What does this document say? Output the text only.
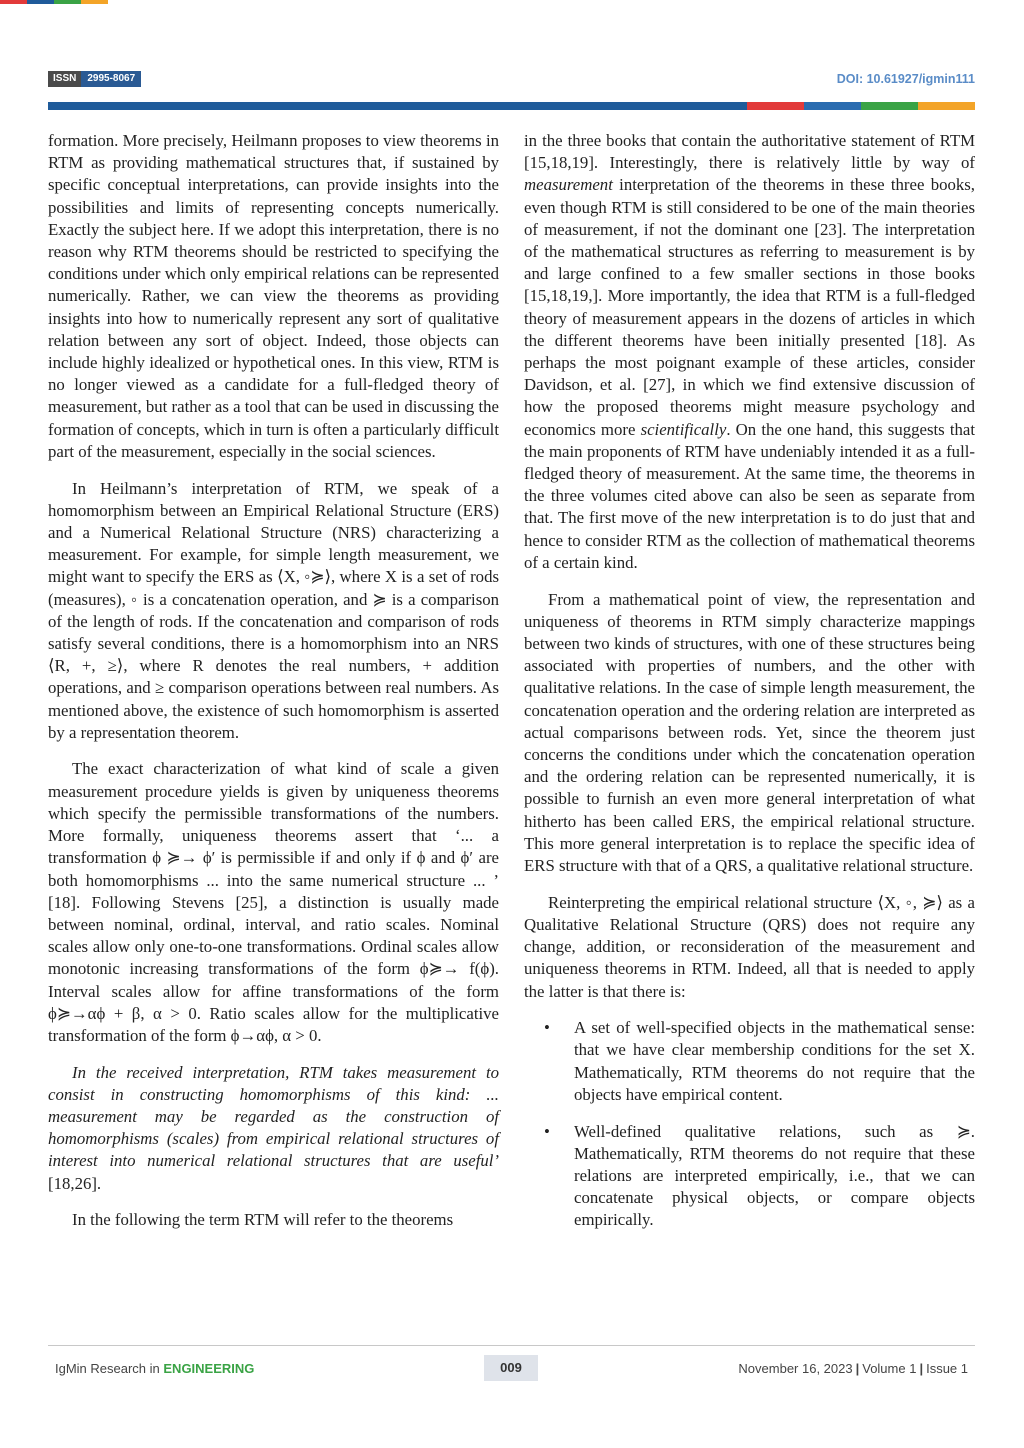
ISSN	2995-8067	DOI: 10.61927/igmin111

formation. More precisely, Heilmann proposes to view theorems in RTM as providing mathematical structures that, if sustained by specific conceptual interpretations, can provide insights into the possibilities and limits of representing concepts numerically. Exactly the subject here. If we adopt this interpretation, there is no reason why RTM theorems should be restricted to specifying the conditions under which only empirical relations can be represented numerically. Rather, we can view the theorems as providing insights into how to numerically represent any sort of qualitative relation between any sort of object. Indeed, those objects can include highly idealized or hypothetical ones. In this view, RTM is no longer viewed as a candidate for a full-fledged theory of measurement, but rather as a tool that can be used in discussing the formation of concepts, which in turn is often a particularly difficult part of the measurement, especially in the social sciences.

In Heilmann’s interpretation of RTM, we speak of a homomorphism between an Empirical Relational Structure (ERS) and a Numerical Relational Structure (NRS) characterizing a measurement. For example, for simple length measurement, we might want to specify the ERS as ⟨X, ◦≽⟩, where X is a set of rods (measures), ◦ is a concatenation operation, and ≽ is a comparison of the length of rods. If the concatenation and comparison of rods satisfy several conditions, there is a homomorphism into an NRS ⟨R, +, ≥⟩, where R denotes the real numbers, + addition operations, and ≥ comparison operations between real numbers. As mentioned above, the existence of such homomorphism is asserted by a representation theorem.

The exact characterization of what kind of scale a given measurement procedure yields is given by uniqueness theorems which specify the permissible transformations of the numbers. More formally, uniqueness theorems assert that ‘... a transformation ϕ ≽→ ϕ′ is permissible if and only if ϕ and ϕ′ are both homomorphisms ... into the same numerical structure ... ’ [18]. Following Stevens [25], a distinction is usually made between nominal, ordinal, interval, and ratio scales. Nominal scales allow only one-to-one transformations. Ordinal scales allow monotonic increasing transformations of the form ϕ≽→ f(ϕ). Interval scales allow for affine transformations of the form ϕ≽→αϕ + β, α > 0. Ratio scales allow for the multiplicative transformation of the form ϕ→αϕ, α > 0.

In the received interpretation, RTM takes measurement to consist in constructing homomorphisms of this kind: ... measurement may be regarded as the construction of homomorphisms (scales) from empirical relational structures of interest into numerical relational structures that are useful’ [18,26].

In the following the term RTM will refer to the theorems

in the three books that contain the authoritative statement of RTM [15,18,19]. Interestingly, there is relatively little by way of measurement interpretation of the theorems in these three books, even though RTM is still considered to be one of the main theories of measurement, if not the dominant one [23]. The interpretation of the mathematical structures as referring to measurement is by and large confined to a few smaller sections in those books [15,18,19,]. More importantly, the idea that RTM is a full-fledged theory of measurement appears in the dozens of articles in which the different theorems have been initially presented [18]. As perhaps the most poignant example of these articles, consider Davidson, et al. [27], in which we find extensive discussion of how the proposed theorems might measure psychology and economics more scientifically. On the one hand, this suggests that the main proponents of RTM have undeniably intended it as a full-fledged theory of measurement. At the same time, the theorems in the three volumes cited above can also be seen as separate from that. The first move of the new interpretation is to do just that and hence to consider RTM as the collection of mathematical theorems of a certain kind.

From a mathematical point of view, the representation and uniqueness of theorems in RTM simply characterize mappings between two kinds of structures, with one of these structures being associated with properties of numbers, and the other with qualitative relations. In the case of simple length measurement, the concatenation operation and the ordering relation are interpreted as actual comparisons between rods. Yet, since the theorem just concerns the conditions under which the concatenation operation and the ordering relation can be represented numerically, it is possible to furnish an even more general interpretation of what hitherto has been called ERS, the empirical relational structure. This more general interpretation is to replace the specific idea of ERS structure with that of a QRS, a qualitative relational structure.

Reinterpreting the empirical relational structure ⟨X, ◦, ≽⟩ as a Qualitative Relational Structure (QRS) does not require any change, addition, or reconsideration of the measurement and uniqueness theorems in RTM. Indeed, all that is needed to apply the latter is that there is:

• A set of well-specified objects in the mathematical sense: that we have clear membership conditions for the set X. Mathematically, RTM theorems do not require that the objects have empirical content.
• Well-defined qualitative relations, such as ≽. Mathematically, RTM theorems do not require that these relations are interpreted empirically, i.e., that we can concatenate physical objects, or compare objects empirically.
IgMin Research in ENGINEERING	009	November 16, 2023 | Volume 1 | Issue 1
